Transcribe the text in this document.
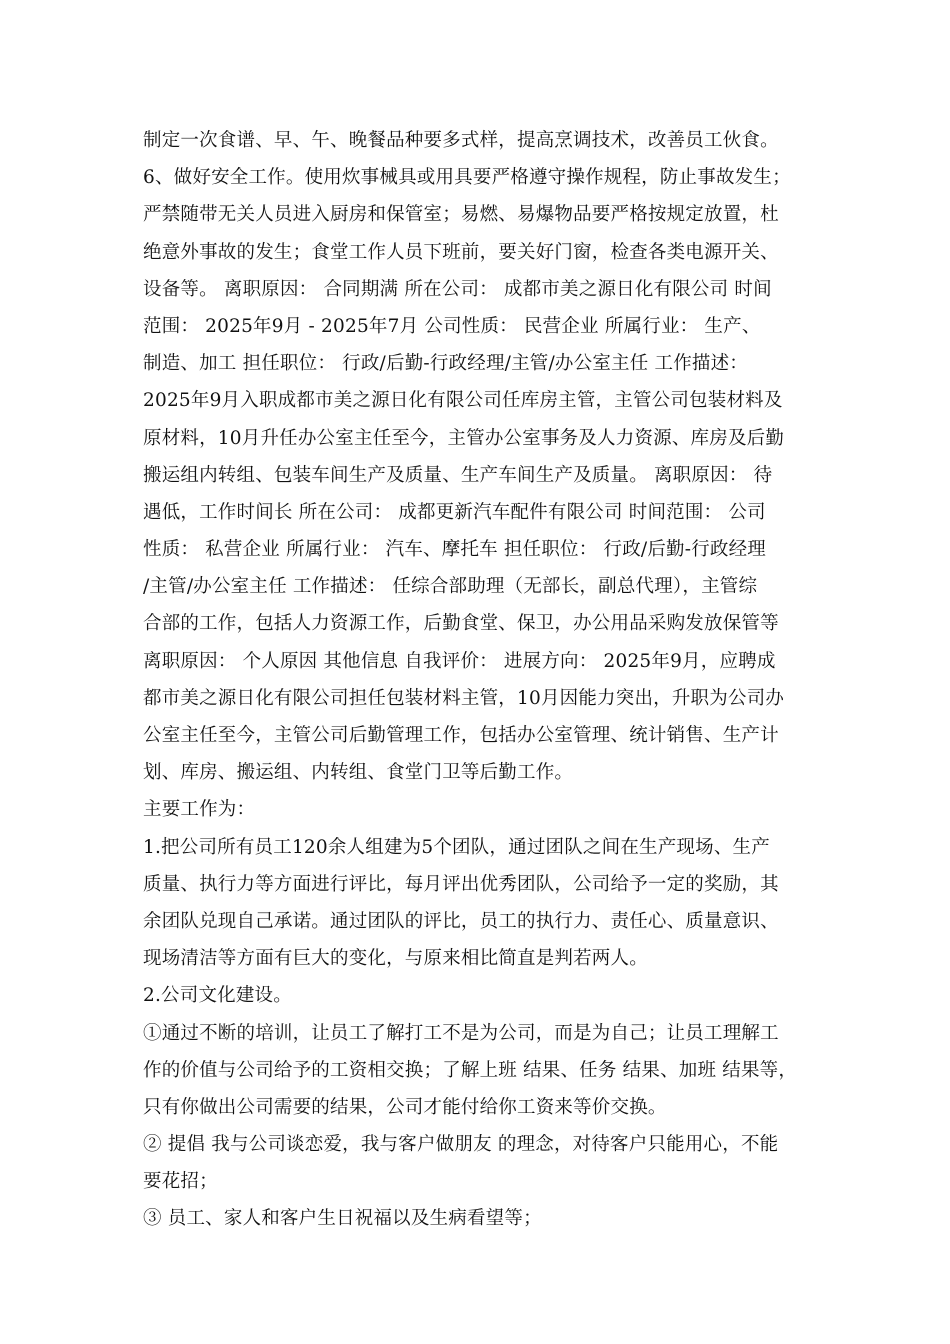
制定一次食谱、早、午、晚餐品种要多式样，提高烹调技术，改善员工伙食。
6、做好安全工作。使用炊事械具或用具要严格遵守操作规程，防止事故发生；
严禁随带无关人员进入厨房和保管室；易燃、易爆物品要严格按规定放置，杜
绝意外事故的发生；食堂工作人员下班前，要关好门窗，检查各类电源开关、
设备等。 离职原因： 合同期满 所在公司： 成都市美之源日化有限公司 时间
范围： 2025年9月 - 2025年7月 公司性质： 民营企业 所属行业： 生产、
制造、加工 担任职位： 行政/后勤-行政经理/主管/办公室主任 工作描述：
2025年9月入职成都市美之源日化有限公司任库房主管，主管公司包装材料及
原材料，10月升任办公室主任至今，主管办公室事务及人力资源、库房及后勤
搬运组内转组、包装车间生产及质量、生产车间生产及质量。 离职原因： 待
遇低，工作时间长 所在公司： 成都更新汽车配件有限公司 时间范围： 公司
性质： 私营企业 所属行业： 汽车、摩托车 担任职位： 行政/后勤-行政经理
/主管/办公室主任 工作描述： 任综合部助理（无部长，副总代理），主管综
合部的工作，包括人力资源工作，后勤食堂、保卫，办公用品采购发放保管等
离职原因： 个人原因 其他信息 自我评价： 进展方向： 2025年9月，应聘成
都市美之源日化有限公司担任包装材料主管，10月因能力突出，升职为公司办
公室主任至今，主管公司后勤管理工作，包括办公室管理、统计销售、生产计
划、库房、搬运组、内转组、食堂门卫等后勤工作。
主要工作为：
1.把公司所有员工120余人组建为5个团队，通过团队之间在生产现场、生产
质量、执行力等方面进行评比，每月评出优秀团队，公司给予一定的奖励，其
余团队兑现自己承诺。通过团队的评比，员工的执行力、责任心、质量意识、
现场清洁等方面有巨大的变化，与原来相比简直是判若两人。
2.公司文化建设。
①通过不断的培训，让员工了解打工不是为公司，而是为自己；让员工理解工
作的价值与公司给予的工资相交换；了解上班 结果、任务 结果、加班 结果等，
只有你做出公司需要的结果，公司才能付给你工资来等价交换。
② 提倡 我与公司谈恋爱，我与客户做朋友 的理念，对待客户只能用心，不能
要花招；
③ 员工、家人和客户生日祝福以及生病看望等；
